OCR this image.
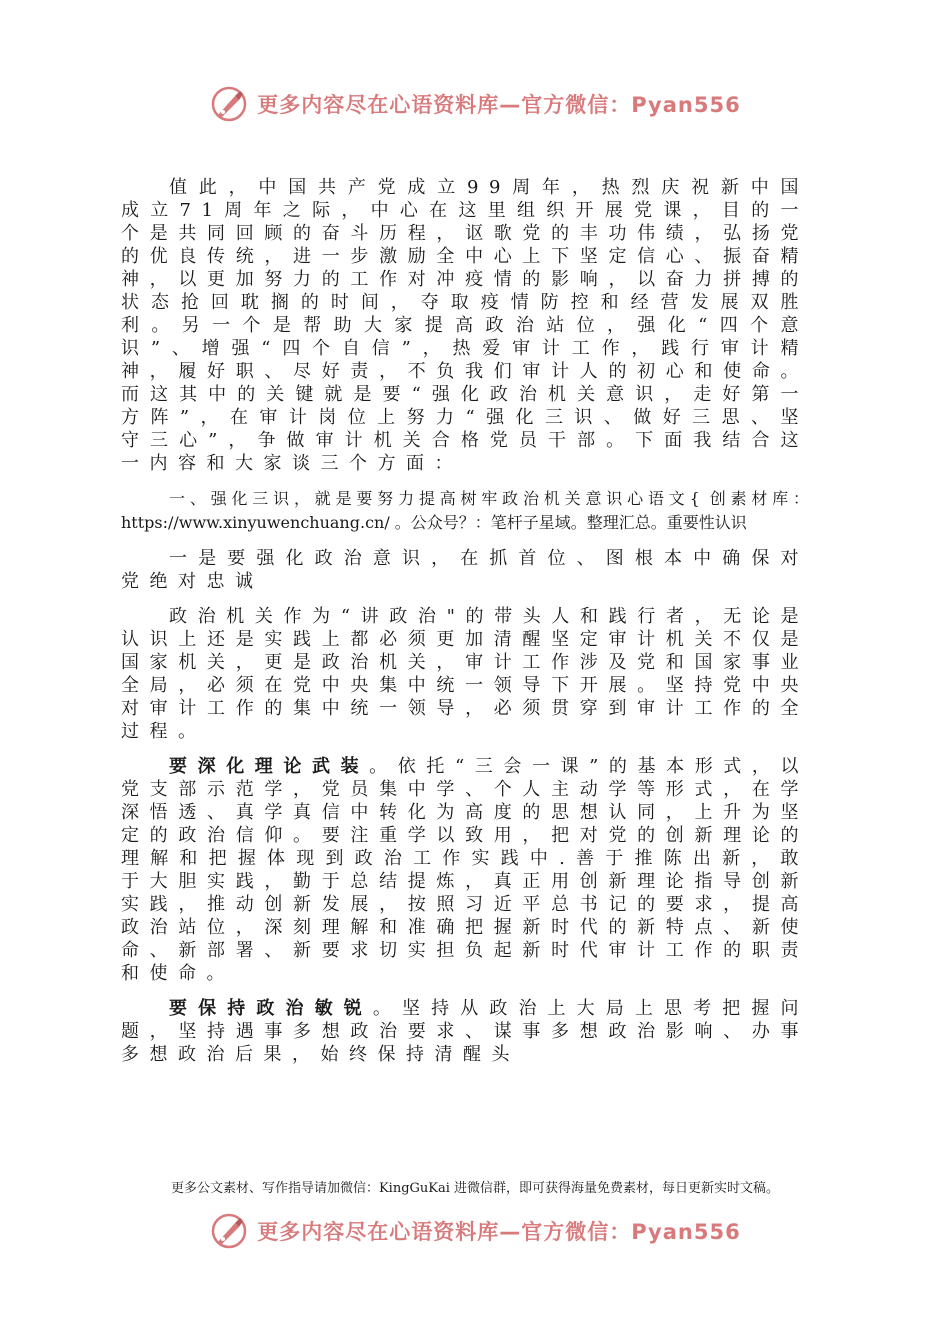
更多内容尽在心语资料库—官方微信：Pyan556

值此，中国共产党成立99周年，热烈庆祝新中国成立71周年之际，中心在这里组织开展党课，目的一个是共同回顾的奋斗历程，讴歌党的丰功伟绩，弘扬党的优良传统，进一步激励全中心上下坚定信心、振奋精神，以更加努力的工作对冲疫情的影响，以奋力拼搏的状态抢回耽搁的时间，夺取疫情防控和经营发展双胜利。另一个是帮助大家提高政治站位，强化“四个意识”、增强“四个自信”，热爱审计工作，践行审计精神，履好职、尽好责，不负我们审计人的初心和使命。而这其中的关键就是要“强化政治机关意识，走好第一方阵”，在审计岗位上努力“强化三识、做好三思、坚守三心”，争做审计机关合格党员干部。下面我结合这一内容和大家谈三个方面：

一、强化三识，就是要努力提高树牢政治机关意识心语文{ 创素材库：https://www.xinyuwenchuang.cn/ 。公众号？：笔杆子星域。整理汇总。重要性认识

一是要强化政治意识，在抓首位、图根本中确保对党绝对忠诚

政治机关作为“讲政治"的带头人和践行者，无论是认识上还是实践上都必须更加清醒坚定审计机关不仅是国家机关，更是政治机关，审计工作涉及党和国家事业全局，必须在党中央集中统一领导下开展。坚持党中央对审计工作的集中统一领导，必须贯穿到审计工作的全过程。

要深化理论武装。依托“三会一课”的基本形式，以党支部示范学，党员集中学、个人主动学等形式，在学深悟透、真学真信中转化为高度的思想认同，上升为坚定的政治信仰。要注重学以致用，把对党的创新理论的理解和把握体现到政治工作实践中.善于推陈出新，敢于大胆实践，勤于总结提炼，真正用创新理论指导创新实践，推动创新发展，按照习近平总书记的要求，提高政治站位，深刻理解和准确把握新时代的新特点、新使命、新部署、新要求切实担负起新时代审计工作的职责和使命。

要保持政治敏锐。坚持从政治上大局上思考把握问题，坚持遇事多想政治要求、谋事多想政治影响、办事多想政治后果，始终保持清醒头

更多公文素材、写作指导请加微信：KingGuKai 进微信群，即可获得海量免费素材，每日更新实时文稿。
更多内容尽在心语资料库—官方微信：Pyan556
